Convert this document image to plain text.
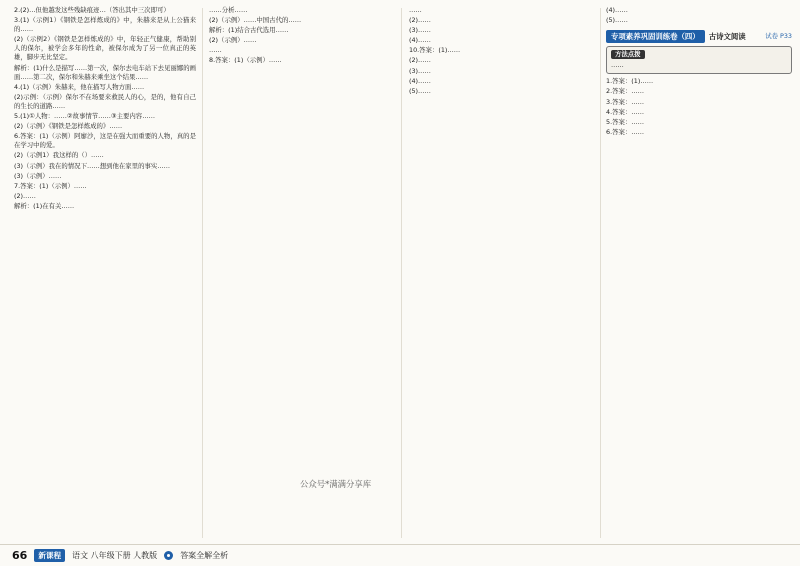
2.(2)…但他越发这些残缺痕迹…（答出其中三次即可）

3.(1)（示例1）《钢铁是怎样炼成的》中，朱赫来是从上公猫来的……

(2)（示例2）《钢铁是怎样炼成的》中，年轻正气健康，帮助别人的保尔，被学会多年的性命，被保尔成为了另一位真正的英雄，脚步无比坚定。

解析：(1)什么是描写……第一次，保尔去电车站下去见丽娜的画面……第二次，保尔和朱赫来乘坐这个结果……

4.(1)（示例）朱赫来，他在描写人物方面……

(2)示例：（示例）保尔不在场要来救民人的心，是的，他有自己的生长的道路……

5.(1)①人物：……②故事情节……③主要内容……

(2)（示例）《钢铁是怎样炼成的》……

6.答案：(1)（示例）阿廖沙，这是在强大而重要的人物，真的是在学习中的爱。

(2)（示例1）我这样的（）……

(3)（示例）我在的情况下……想到他在家里的事实……

(3)（示例）……

7.答案：(1)（示例）……

(2)……

解析：(1)在有关……

……分析……

(2)（示例）……中国古代的……

解析：(1)结合古代选用……

(2)（示例）……

……

8.答案：(1)（示例）……

……

(2)……

(3)……

(4)……

10.答案：(1)……

(2)……

(3)……

(4)……

(5)……

(4)……

(5)……

专项素养巩固训练卷（四）	古诗文阅读	试卷 P33
方法点拨
……

1.答案：(1)……

2.答案：……

3.答案：……

4.答案：……

5.答案：……

6.答案：……

公众号*满满分享库
66	新课程	语文 八年级下册 人教版	答案全解全析
